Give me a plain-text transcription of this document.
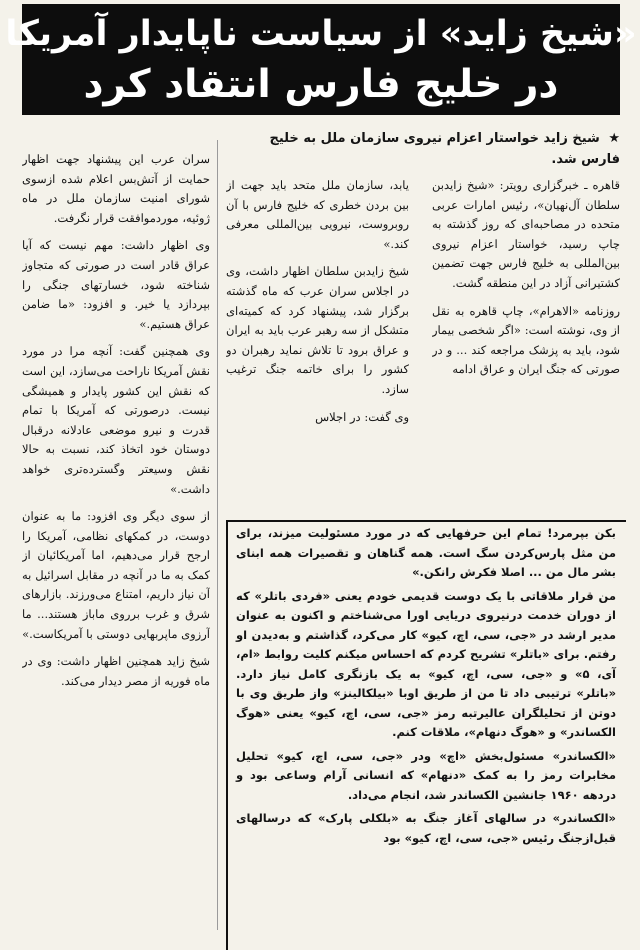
«شیخ زاید» از سیاست ناپایدار آمریکا
در خلیج فارس انتقاد کرد
★ شیخ زاید خواستار اعزام نیروی سازمان ملل به خلیج فارس شد.

قاهره ـ خبرگزاری رویتر: «شیخ زایدبن سلطان آل‌نهیان»، رئیس امارات عربی متحده در مصاحبه‌ای که روز گذشته به چاپ رسید، خواستار اعزام نیروی بین‌المللی به خلیج فارس جهت تضمین کشتیرانی آزاد در این منطقه گشت.

روزنامه «الاهرام»، چاپ قاهره به نقل از وی، نوشته است: «اگر شخصی بیمار شود، باید به پزشک مراجعه کند ... و در صورتی که جنگ ایران و عراق ادامه

یابد، سازمان ملل متحد باید جهت از بین بردن خطری که خلیج فارس با آن روبروست، نیرویی بین‌المللی معرفی کند.»

شیخ زایدبن سلطان اظهار داشت، وی در اجلاس سران عرب که ماه گذشته برگزار شد، پیشنهاد کرد که کمیته‌ای متشکل از سه رهبر عرب باید به ایران و عراق برود تا تلاش نماید رهبران دو کشور را برای خاتمه جنگ ترغیب سازد.

وی گفت: در اجلاس

سران عرب این پیشنهاد جهت اظهار حمایت از آتش‌بس اعلام شده ازسوی شورای امنیت سازمان ملل در ماه ژوئیه، موردموافقت قرار نگرفت.

وی اظهار داشت: مهم نیست که آیا عراق قادر است در صورتی که متجاوز شناخته شود، خسارتهای جنگی را بپردازد یا خیر. و افزود: «ما ضامن عراق هستیم.»

وی همچنین گفت: آنچه مرا در مورد نقش آمریکا ناراحت می‌سازد، این است که نقش این کشور پایدار و همیشگی نیست. درصورتی که آمریکا با تمام قدرت و نیرو موضعی عادلانه درقبال دوستان خود اتخاذ کند، نسبت به حالا نقش وسیعتر وگسترده‌تری خواهد داشت.»

از سوی دیگر وی افزود: ما به عنوان دوست، در کمکهای نظامی، آمریکا را ارجح قرار می‌دهیم، اما آمریکائیان از کمک به ما در آنچه در مقابل اسرائیل به آن نیاز داریم، امتناع می‌ورزند. بازارهای شرق و غرب برروی ماباز هستند... ما آرزوی ماپربهایی دوستی با آمریکاست.»

شیخ زاید همچنین اظهار داشت: وی در ماه فوریه از مصر دیدار می‌کند.

بکن بپرمرد! تمام این حرفهایی که در مورد مسئولیت میزند، برای من مثل پارس‌کردن سگ است. همه گناهان و تقصیرات همه ابنای بشر مال من ... اصلا فکرش رانکن.»

من قرار ملاقاتی با یک دوست قدیمی خودم یعنی «فردی باتلر» که از دوران خدمت درنیروی دریایی اورا می‌شناختم و اکنون به عنوان مدیر ارشد در «جی، سی، اچ، کیو» کار می‌کرد، گذاشتم و به‌دیدن او رفتم. برای «باتلر» تشریح کردم که احساس میکنم کلیت روابط «ام، آی، ۵» و «جی، سی، اچ، کیو» به یک بازنگری کامل نیاز دارد. «باتلر» ترتیبی داد تا من از طریق اوبا «بیلکالینز» واز طریق وی با دوتن از تحلیلگران عالیرتبه رمز «جی، سی، اچ، کیو» یعنی «هوگ الکساندر» و «هوگ دنهام»، ملاقات کنم.

«الکساندر» مسئول‌بخش «اچ» ودر «جی، سی، اچ، کیو» تحلیل مخابرات رمز را به کمک «دنهام» که انسانی آرام وساعی بود و دردهه ۱۹۶۰ جانشین الکساندر شد، انجام می‌داد.

«الکساندر» در سالهای آغاز جنگ به «بلکلی پارک» که درسالهای قبل‌ازجنگ رئیس «جی، سی، اچ، کیو» بود
